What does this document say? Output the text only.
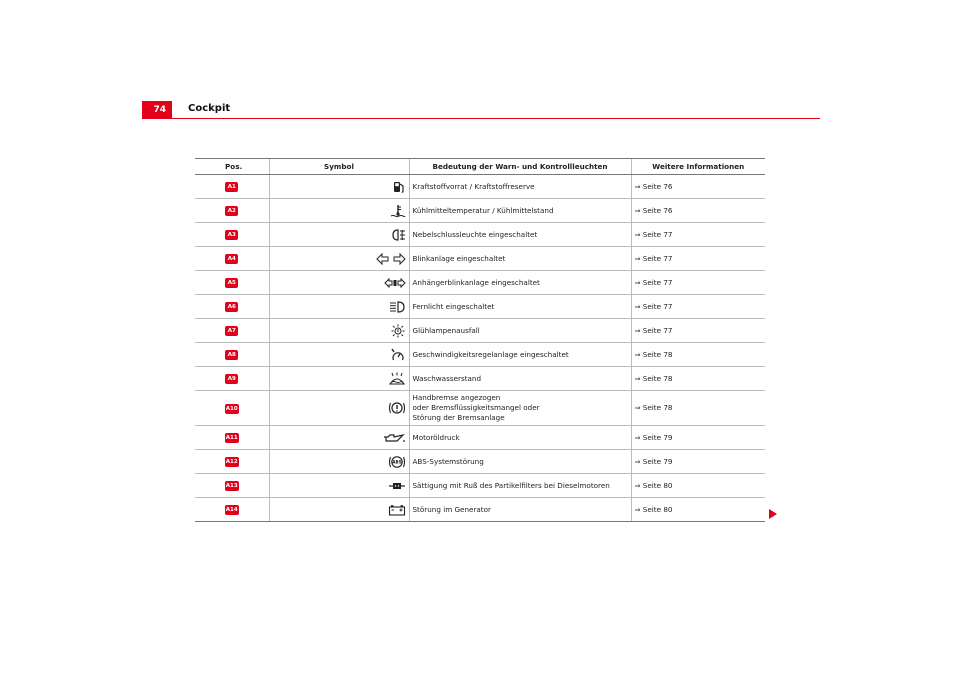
74	Cockpit
Pos.	Symbol	Bedeutung der Warn- und Kontrollleuchten	Weitere Informationen
A1		Kraftstoffvorrat / Kraftstoffreserve	⇒ Seite 76
A2		Kühlmitteltemperatur / Kühlmittelstand	⇒ Seite 76
A3		Nebelschlussleuchte eingeschaltet	⇒ Seite 77
A4		Blinkanlage eingeschaltet	⇒ Seite 77
A5		Anhängerblinkanlage eingeschaltet	⇒ Seite 77
A6		Fernlicht eingeschaltet	⇒ Seite 77
A7		Glühlampenausfall	⇒ Seite 77
A8		Geschwindigkeitsregelanlage eingeschaltet	⇒ Seite 78
A9		Waschwasserstand	⇒ Seite 78
A10		Handbremse angezogen
oder Bremsflüssigkeitsmangel oder
Störung der Bremsanlage	⇒ Seite 78
A11		Motoröldruck	⇒ Seite 79
A12	ABS	ABS-Systemstörung	⇒ Seite 79
A13		Sättigung mit Ruß des Partikelfilters bei Dieselmotoren	⇒ Seite 80
A14		Störung im Generator	⇒ Seite 80
